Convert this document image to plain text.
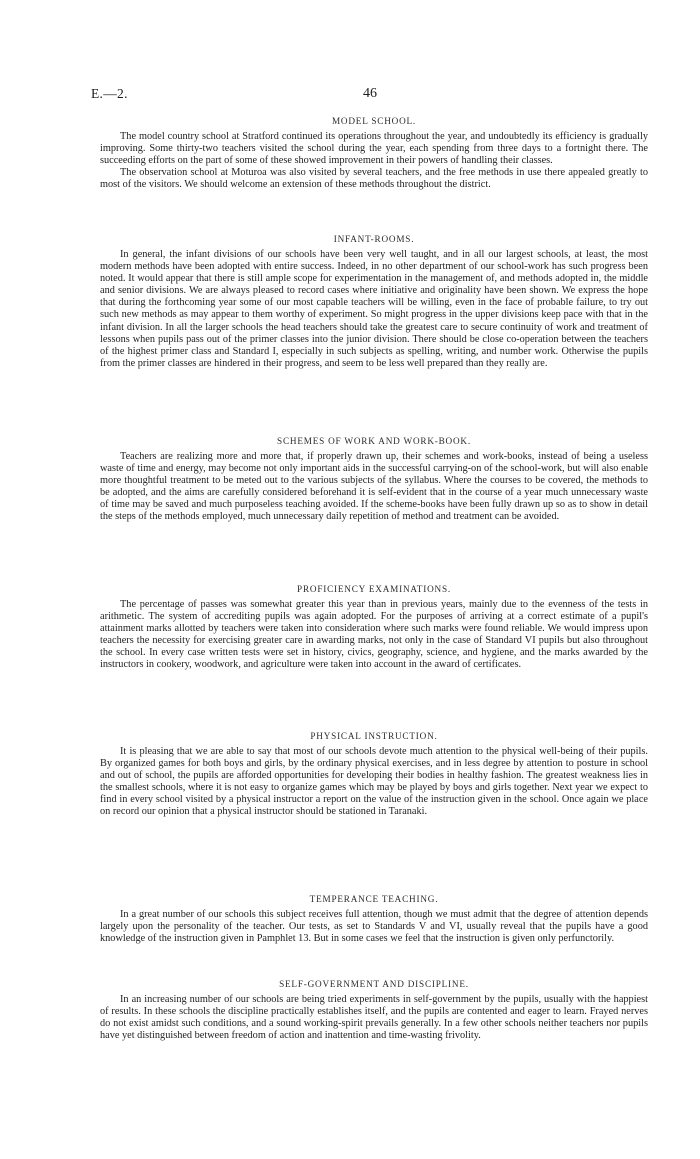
E.—2.	46
MODEL SCHOOL.

The model country school at Stratford continued its operations throughout the year, and undoubtedly its efficiency is gradually improving. Some thirty-two teachers visited the school during the year, each spending from three days to a fortnight there. The succeeding efforts on the part of some of these showed improvement in their powers of handling their classes.

The observation school at Moturoa was also visited by several teachers, and the free methods in use there appealed greatly to most of the visitors. We should welcome an extension of these methods throughout the district.

INFANT-ROOMS.

In general, the infant divisions of our schools have been very well taught, and in all our largest schools, at least, the most modern methods have been adopted with entire success. Indeed, in no other department of our school-work has such progress been noted. It would appear that there is still ample scope for experimentation in the management of, and methods adopted in, the middle and senior divisions. We are always pleased to record cases where initiative and originality have been shown. We express the hope that during the forthcoming year some of our most capable teachers will be willing, even in the face of probable failure, to try out such new methods as may appear to them worthy of experiment. So might progress in the upper divisions keep pace with that in the infant division. In all the larger schools the head teachers should take the greatest care to secure continuity of work and treatment of lessons when pupils pass out of the primer classes into the junior division. There should be close co-operation between the teachers of the highest primer class and Standard I, especially in such subjects as spelling, writing, and number work. Otherwise the pupils from the primer classes are hindered in their progress, and seem to be less well prepared than they really are.

SCHEMES OF WORK AND WORK-BOOK.

Teachers are realizing more and more that, if properly drawn up, their schemes and work-books, instead of being a useless waste of time and energy, may become not only important aids in the successful carrying-on of the school-work, but will also enable more thoughtful treatment to be meted out to the various subjects of the syllabus. Where the courses to be covered, the methods to be adopted, and the aims are carefully considered beforehand it is self-evident that in the course of a year much unnecessary waste of time may be saved and much purposeless teaching avoided. If the scheme-books have been fully drawn up so as to show in detail the steps of the methods employed, much unnecessary daily repetition of method and treatment can be avoided.

PROFICIENCY EXAMINATIONS.

The percentage of passes was somewhat greater this year than in previous years, mainly due to the evenness of the tests in arithmetic. The system of accrediting pupils was again adopted. For the purposes of arriving at a correct estimate of a pupil's attainment marks allotted by teachers were taken into consideration where such marks were found reliable. We would impress upon teachers the necessity for exercising greater care in awarding marks, not only in the case of Standard VI pupils but also throughout the school. In every case written tests were set in history, civics, geography, science, and hygiene, and the marks awarded by the instructors in cookery, woodwork, and agriculture were taken into account in the award of certificates.

PHYSICAL INSTRUCTION.

It is pleasing that we are able to say that most of our schools devote much attention to the physical well-being of their pupils. By organized games for both boys and girls, by the ordinary physical exercises, and in less degree by attention to posture in school and out of school, the pupils are afforded opportunities for developing their bodies in healthy fashion. The greatest weakness lies in the smallest schools, where it is not easy to organize games which may be played by boys and girls together. Next year we expect to find in every school visited by a physical instructor a report on the value of the instruction given in the school. Once again we place on record our opinion that a physical instructor should be stationed in Taranaki.

TEMPERANCE TEACHING.

In a great number of our schools this subject receives full attention, though we must admit that the degree of attention depends largely upon the personality of the teacher. Our tests, as set to Standards V and VI, usually reveal that the pupils have a good knowledge of the instruction given in Pamphlet 13. But in some cases we feel that the instruction is given only perfunctorily.

SELF-GOVERNMENT AND DISCIPLINE.

In an increasing number of our schools are being tried experiments in self-government by the pupils, usually with the happiest of results. In these schools the discipline practically establishes itself, and the pupils are contented and eager to learn. Frayed nerves do not exist amidst such conditions, and a sound working-spirit prevails generally. In a few other schools neither teachers nor pupils have yet distinguished between freedom of action and inattention and time-wasting frivolity.
